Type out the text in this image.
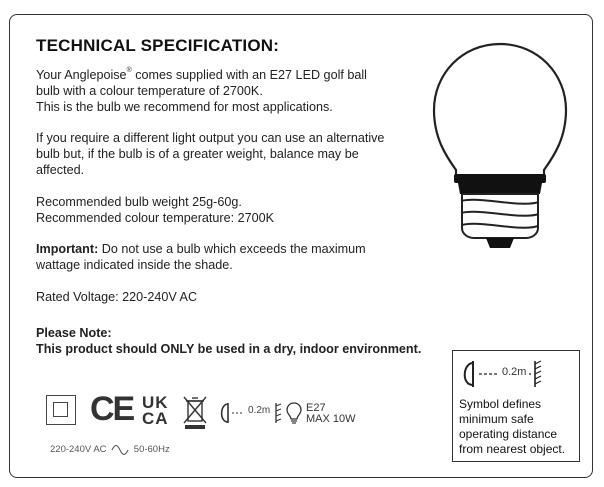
TECHNICAL SPECIFICATION:

Your Anglepoise® comes supplied with an E27 LED golf ball
bulb with a colour temperature of 2700K.
This is the bulb we recommend for most applications.

If you require a different light output you can use an alternative
bulb but, if the bulb is of a greater weight, balance may be
affected.

Recommended bulb weight 25g-60g.
Recommended colour temperature: 2700K

Important: Do not use a bulb which exceeds the maximum
wattage indicated inside the shade.

Rated Voltage: 220-240V AC

Please Note:
This product should ONLY be used in a dry, indoor environment.
0.2m
Symbol defines
minimum safe
operating distance
from nearest object.
CE UK
CA	0.2m	E27
MAX 10W
220-240V AC	50-60Hz
